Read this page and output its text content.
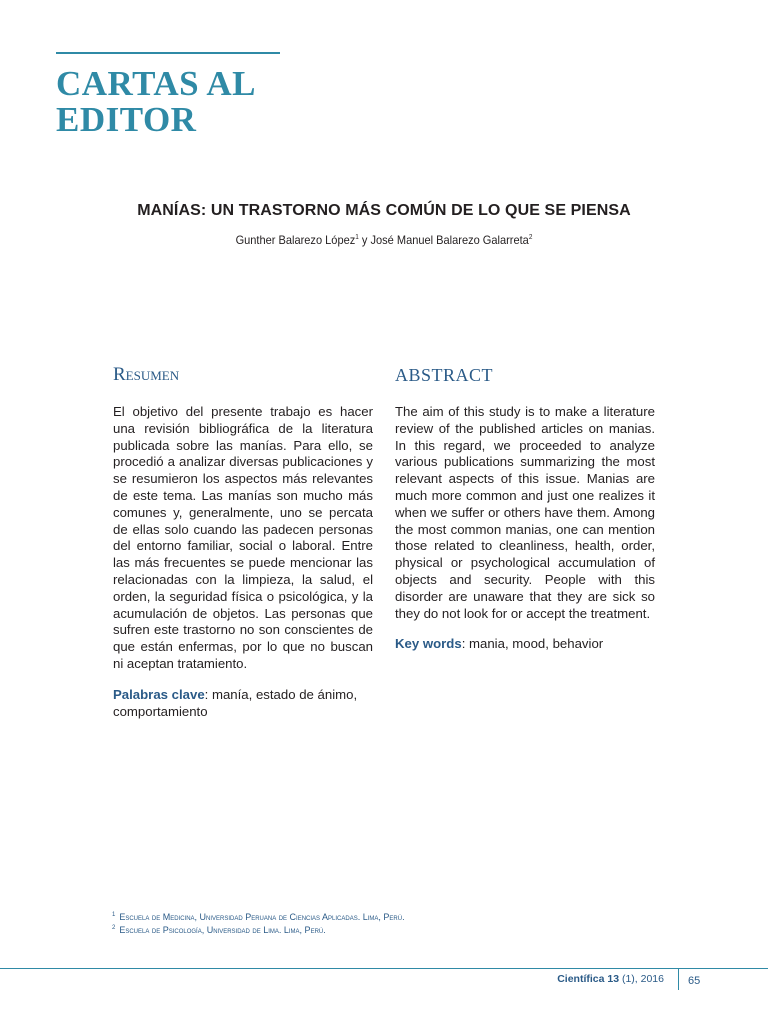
CARTAS AL
EDITOR
MANÍAS: UN TRASTORNO MÁS COMÚN DE LO QUE SE PIENSA
Gunther Balarezo López$^1$ y José Manuel Balarezo Galarreta$^2$
Resumen

El objetivo del presente trabajo es hacer una revisión bibliográfica de la literatura publicada sobre las manías. Para ello, se procedió a analizar diversas publicaciones y se resumieron los aspectos más relevantes de este tema. Las manías son mucho más comunes y, generalmente, uno se percata de ellas solo cuando las padecen personas del entorno familiar, social o laboral. Entre las más frecuentes se puede mencionar las relacionadas con la limpieza, la salud, el orden, la seguridad física o psicológica, y la acumulación de objetos. Las personas que sufren este trastorno no son conscientes de que están enfermas, por lo que no buscan ni aceptan tratamiento.

Palabras clave: manía, estado de ánimo, comportamiento

ABSTRACT

The aim of this study is to make a literature review of the published articles on manias. In this regard, we proceeded to analyze various publications summarizing the most relevant aspects of this issue. Manias are much more common and just one realizes it when we suffer or others have them. Among the most common manias, one can mention those related to cleanliness, health, order, physical or psychological accumulation of objects and security. People with this disorder are unaware that they are sick so they do not look for or accept the treatment.

Key words: mania, mood, behavior

$^1$ Escuela de Medicina, Universidad Peruana de Ciencias Aplicadas. Lima, Perú.
$^2$ Escuela de Psicología, Universidad de Lima. Lima, Perú.
Científica 13 (1), 2016 65
